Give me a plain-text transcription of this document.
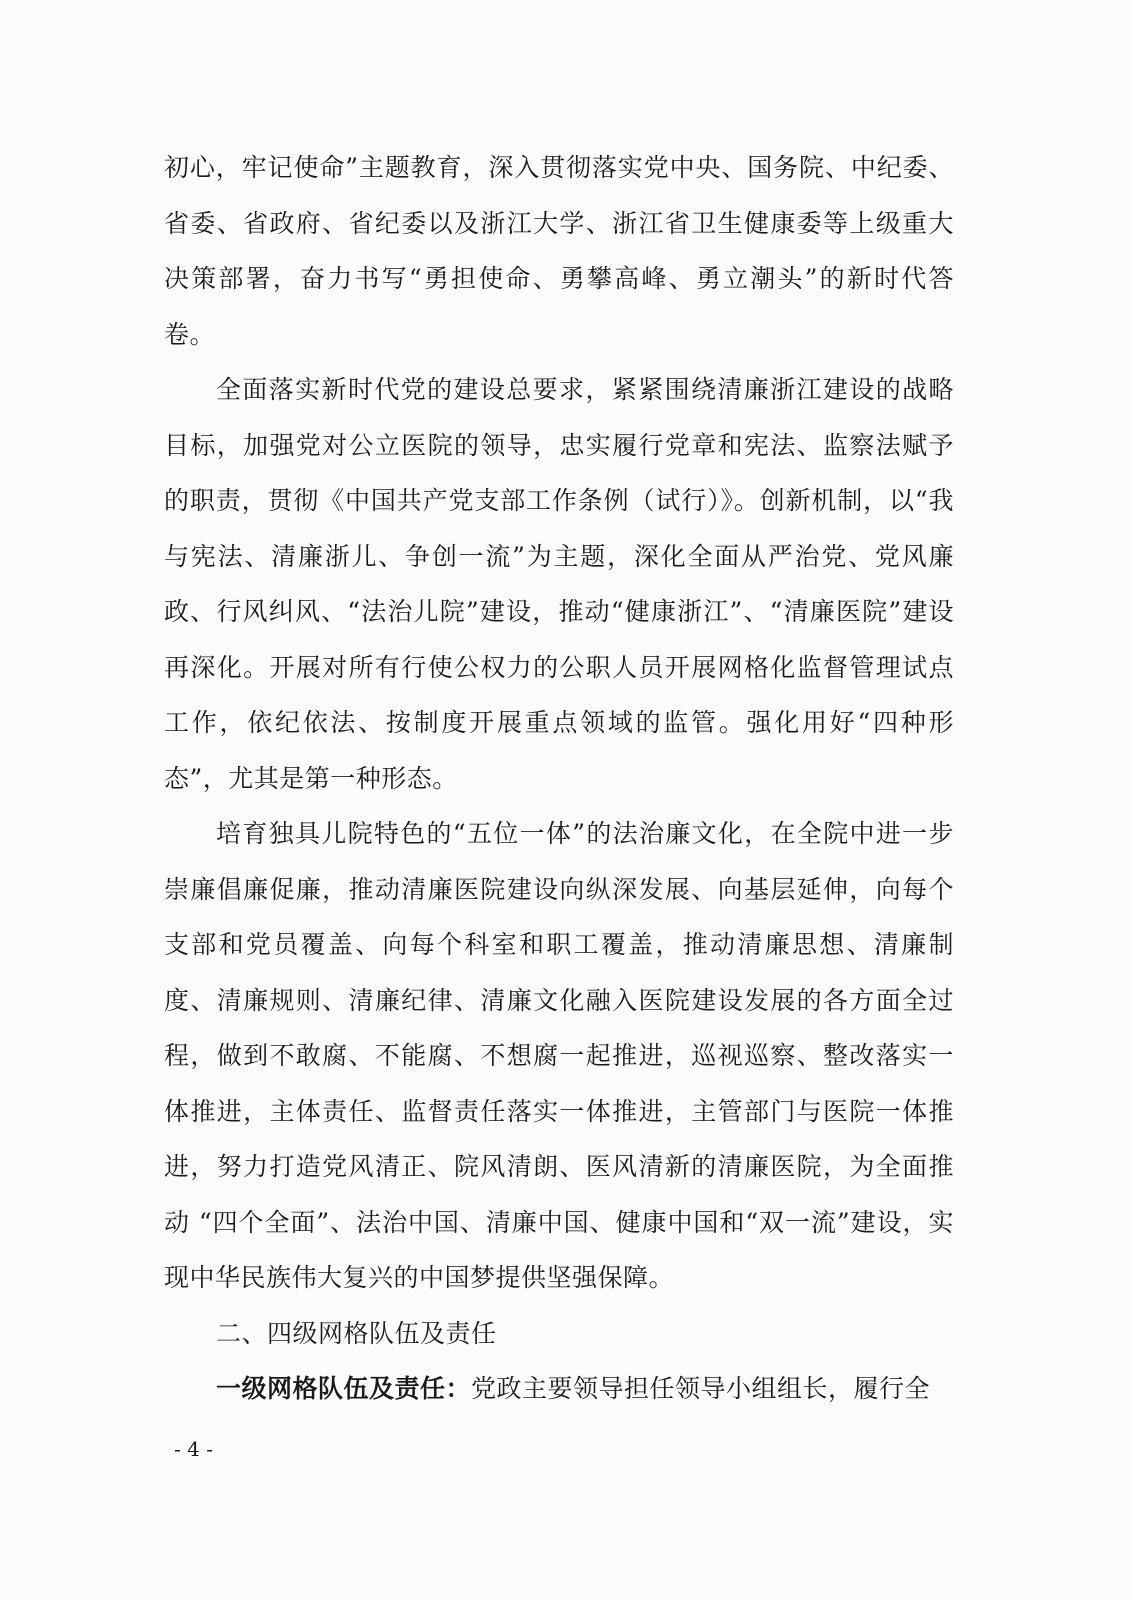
初心，牢记使命”主题教育，深入贯彻落实党中央、国务院、中纪委、省委、省政府、省纪委以及浙江大学、浙江省卫生健康委等上级重大决策部署，奋力书写“勇担使命、勇攀高峰、勇立潮头”的新时代答卷。

全面落实新时代党的建设总要求，紧紧围绕清廉浙江建设的战略目标，加强党对公立医院的领导，忠实履行党章和宪法、监察法赋予的职责，贯彻《中国共产党支部工作条例（试行）》。创新机制，以“我与宪法、清廉浙儿、争创一流”为主题，深化全面从严治党、党风廉政、行风纠风、“法治儿院”建设，推动“健康浙江”、“清廉医院”建设再深化。开展对所有行使公权力的公职人员开展网格化监督管理试点工作，依纪依法、按制度开展重点领域的监管。强化用好“四种形态”，尤其是第一种形态。

培育独具儿院特色的“五位一体”的法治廉文化，在全院中进一步崇廉倡廉促廉，推动清廉医院建设向纵深发展、向基层延伸，向每个支部和党员覆盖、向每个科室和职工覆盖，推动清廉思想、清廉制度、清廉规则、清廉纪律、清廉文化融入医院建设发展的各方面全过程，做到不敢腐、不能腐、不想腐一起推进，巡视巡察、整改落实一体推进，主体责任、监督责任落实一体推进，主管部门与医院一体推进，努力打造党风清正、院风清朗、医风清新的清廉医院，为全面推动 “四个全面”、法治中国、清廉中国、健康中国和“双一流”建设，实现中华民族伟大复兴的中国梦提供坚强保障。

二、四级网格队伍及责任

一级网格队伍及责任：党政主要领导担任领导小组组长，履行全

- 4 -
